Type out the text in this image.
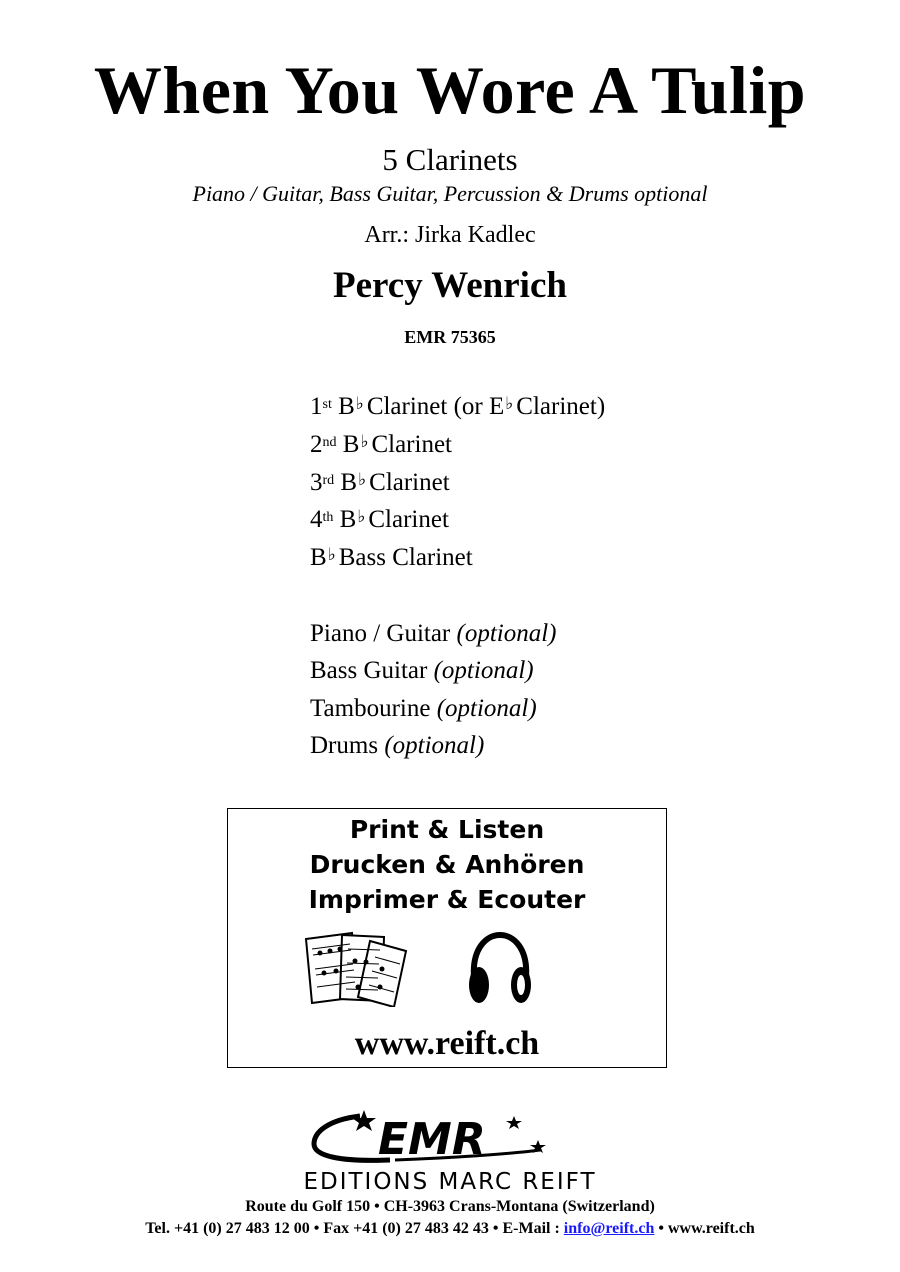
When You Wore A Tulip
5 Clarinets
Piano / Guitar, Bass Guitar, Percussion & Drums optional
Arr.: Jirka Kadlec
Percy Wenrich
EMR 75365
1st B♭ Clarinet (or E♭ Clarinet)
2nd B♭ Clarinet
3rd B♭ Clarinet
4th B♭ Clarinet
B♭ Bass Clarinet
Piano / Guitar (optional)
Bass Guitar (optional)
Tambourine (optional)
Drums (optional)
Print & Listen
Drucken & Anhören
Imprimer & Ecouter
www.reift.ch
EMR
EDITIONS MARC REIFT
Route du Golf 150 • CH-3963 Crans-Montana (Switzerland)
Tel. +41 (0) 27 483 12 00 • Fax +41 (0) 27 483 42 43 • E-Mail : info@reift.ch • www.reift.ch
